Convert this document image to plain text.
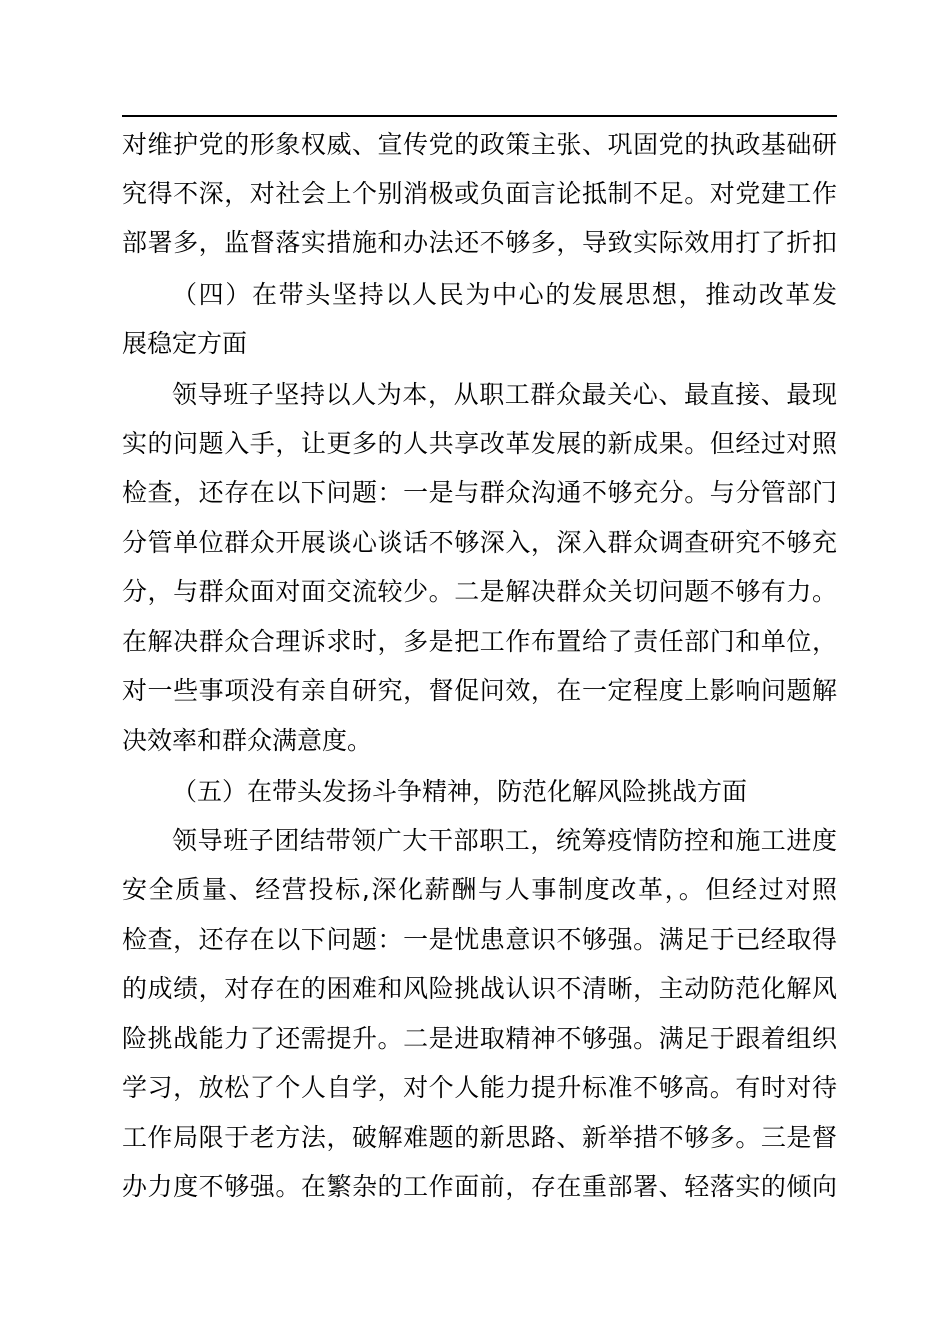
对维护党的形象权威、宣传党的政策主张、巩固党的执政基础研
究得不深，对社会上个别消极或负面言论抵制不足。对党建工作
部署多，监督落实措施和办法还不够多，导致实际效用打了折扣
（四）在带头坚持以人民为中心的发展思想，推动改革发
展稳定方面
领导班子坚持以人为本，从职工群众最关心、最直接、最现
实的问题入手，让更多的人共享改革发展的新成果。但经过对照
检查，还存在以下问题：一是与群众沟通不够充分。与分管部门
分管单位群众开展谈心谈话不够深入，深入群众调查研究不够充
分，与群众面对面交流较少。二是解决群众关切问题不够有力。
在解决群众合理诉求时，多是把工作布置给了责任部门和单位，
对一些事项没有亲自研究，督促问效，在一定程度上影响问题解
决效率和群众满意度。
（五）在带头发扬斗争精神，防范化解风险挑战方面
领导班子团结带领广大干部职工，统筹疫情防控和施工进度
安全质量、经营投标,深化薪酬与人事制度改革，。但经过对照
检查，还存在以下问题：一是忧患意识不够强。满足于已经取得
的成绩，对存在的困难和风险挑战认识不清晰，主动防范化解风
险挑战能力了还需提升。二是进取精神不够强。满足于跟着组织
学习，放松了个人自学，对个人能力提升标准不够高。有时对待
工作局限于老方法，破解难题的新思路、新举措不够多。三是督
办力度不够强。在繁杂的工作面前，存在重部署、轻落实的倾向
